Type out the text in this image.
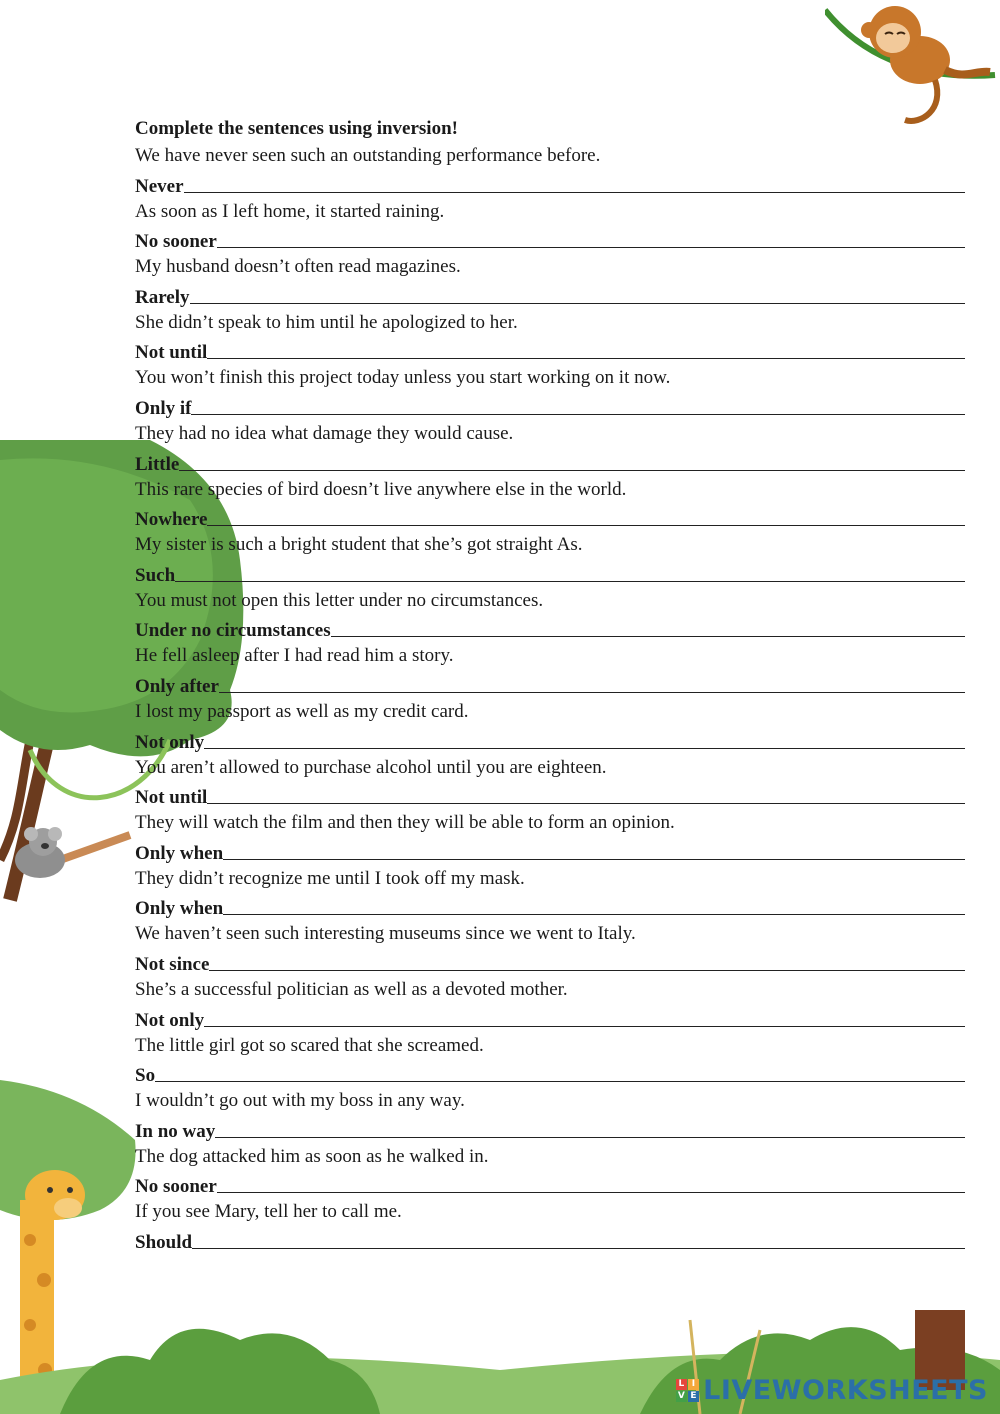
Complete the sentences using inversion!
We have never seen such an outstanding performance before.
Never
As soon as I left home, it started raining.
No sooner
My husband doesn’t often read magazines.
Rarely
She didn’t speak to him until he apologized to her.
Not until
You won’t finish this project today unless you start working on it now.
Only if
They had no idea what damage they would cause.
Little
This rare species of bird doesn’t live anywhere else in the world.
Nowhere
My sister is such a bright student that she’s got straight As.
Such
You must not open this letter under no circumstances.
Under no circumstances
He fell asleep after I had read him a story.
Only after
I lost my passport as well as my credit card.
Not only
You aren’t allowed to purchase alcohol until you are eighteen.
Not until
They will watch the film and then they will be able to form an opinion.
Only when
They didn’t recognize me until I took off my mask.
Only when
We haven’t seen such interesting museums since we went to Italy.
Not since
She’s a successful politician as well as a devoted mother.
Not only
The little girl got so scared that she screamed.
So
I wouldn’t go out with my boss in any way.
In no way
The dog attacked him as soon as he walked in.
No sooner
If you see Mary, tell her to call me.
Should
L I
V E LIVEWORKSHEETS
